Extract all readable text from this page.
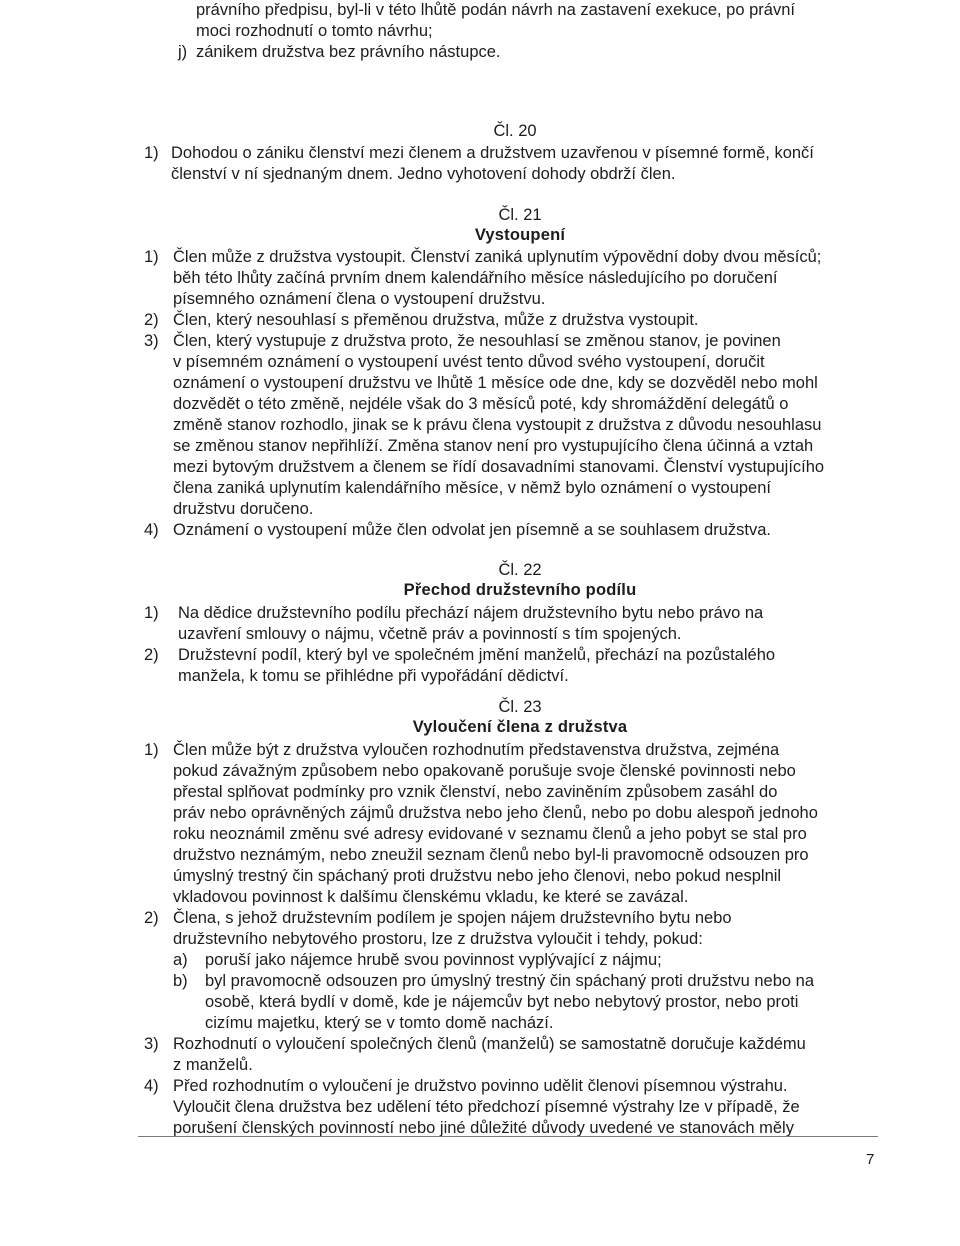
právního předpisu, byl-li v této lhůtě podán návrh na zastavení exekuce, po právní
moci rozhodnutí o tomto návrhu;
j) zánikem družstva bez právního nástupce.
Čl. 20
1) Dohodou o zániku členství mezi členem a družstvem uzavřenou v písemné formě, končí
členství v ní sjednaným dnem. Jedno vyhotovení dohody obdrží člen.
Čl. 21
Vystoupení
1) Člen může z družstva vystoupit. Členství zaniká uplynutím výpovědní doby dvou měsíců;
běh této lhůty začíná prvním dnem kalendářního měsíce následujícího po doručení
písemného oznámení člena o vystoupení družstvu.
2) Člen, který nesouhlasí s přeměnou družstva, může z družstva vystoupit.
3) Člen, který vystupuje z družstva proto, že nesouhlasí se změnou stanov, je povinen
v písemném oznámení o vystoupení uvést tento důvod svého vystoupení, doručit
oznámení o vystoupení družstvu ve lhůtě 1 měsíce ode dne, kdy se dozvěděl nebo mohl
dozvědět o této změně, nejdéle však do 3 měsíců poté, kdy shromáždění delegátů o
změně stanov rozhodlo, jinak se k právu člena vystoupit z družstva z důvodu nesouhlasu
se změnou stanov nepřihlíží. Změna stanov není pro vystupujícího člena účinná a vztah
mezi bytovým družstvem a členem se řídí dosavadními stanovami. Členství vystupujícího
člena zaniká uplynutím kalendářního měsíce, v němž bylo oznámení o vystoupení
družstvu doručeno.
4) Oznámení o vystoupení může člen odvolat jen písemně a se souhlasem družstva.
Čl. 22
Přechod družstevního podílu
1) Na dědice družstevního podílu přechází nájem družstevního bytu nebo právo na
uzavření smlouvy o nájmu, včetně práv a povinností s tím spojených.
2) Družstevní podíl, který byl ve společném jmění manželů, přechází na pozůstalého
manžela, k tomu se přihlédne při vypořádání dědictví.
Čl. 23
Vyloučení člena z družstva
1) Člen může být z družstva vyloučen rozhodnutím představenstva družstva, zejména
pokud závažným způsobem nebo opakovaně porušuje svoje členské povinnosti nebo
přestal splňovat podmínky pro vznik členství, nebo zaviněním způsobem zasáhl do
práv nebo oprávněných zájmů družstva nebo jeho členů, nebo po dobu alespoň jednoho
roku neoznámil změnu své adresy evidované v seznamu členů a jeho pobyt se stal pro
družstvo neznámým, nebo zneužil seznam členů nebo byl-li pravomocně odsouzen pro
úmyslný trestný čin spáchaný proti družstvu nebo jeho členovi, nebo pokud nesplnil
vkladovou povinnost k dalšímu členskému vkladu, ke které se zavázal.
2) Člena, s jehož družstevním podílem je spojen nájem družstevního bytu nebo
družstevního nebytového prostoru, lze z družstva vyloučit i tehdy, pokud:
a) poruší jako nájemce hrubě svou povinnost vyplývající z nájmu;
b) byl pravomocně odsouzen pro úmyslný trestný čin spáchaný proti družstvu nebo na
osobě, která bydlí v domě, kde je nájemcův byt nebo nebytový prostor, nebo proti
cizímu majetku, který se v tomto domě nachází.
3) Rozhodnutí o vyloučení společných členů (manželů) se samostatně doručuje každému
z manželů.
4) Před rozhodnutím o vyloučení je družstvo povinno udělit členovi písemnou výstrahu.
Vyloučit člena družstva bez udělení této předchozí písemné výstrahy lze v případě, že
porušení členských povinností nebo jiné důležité důvody uvedené ve stanovách měly
7
